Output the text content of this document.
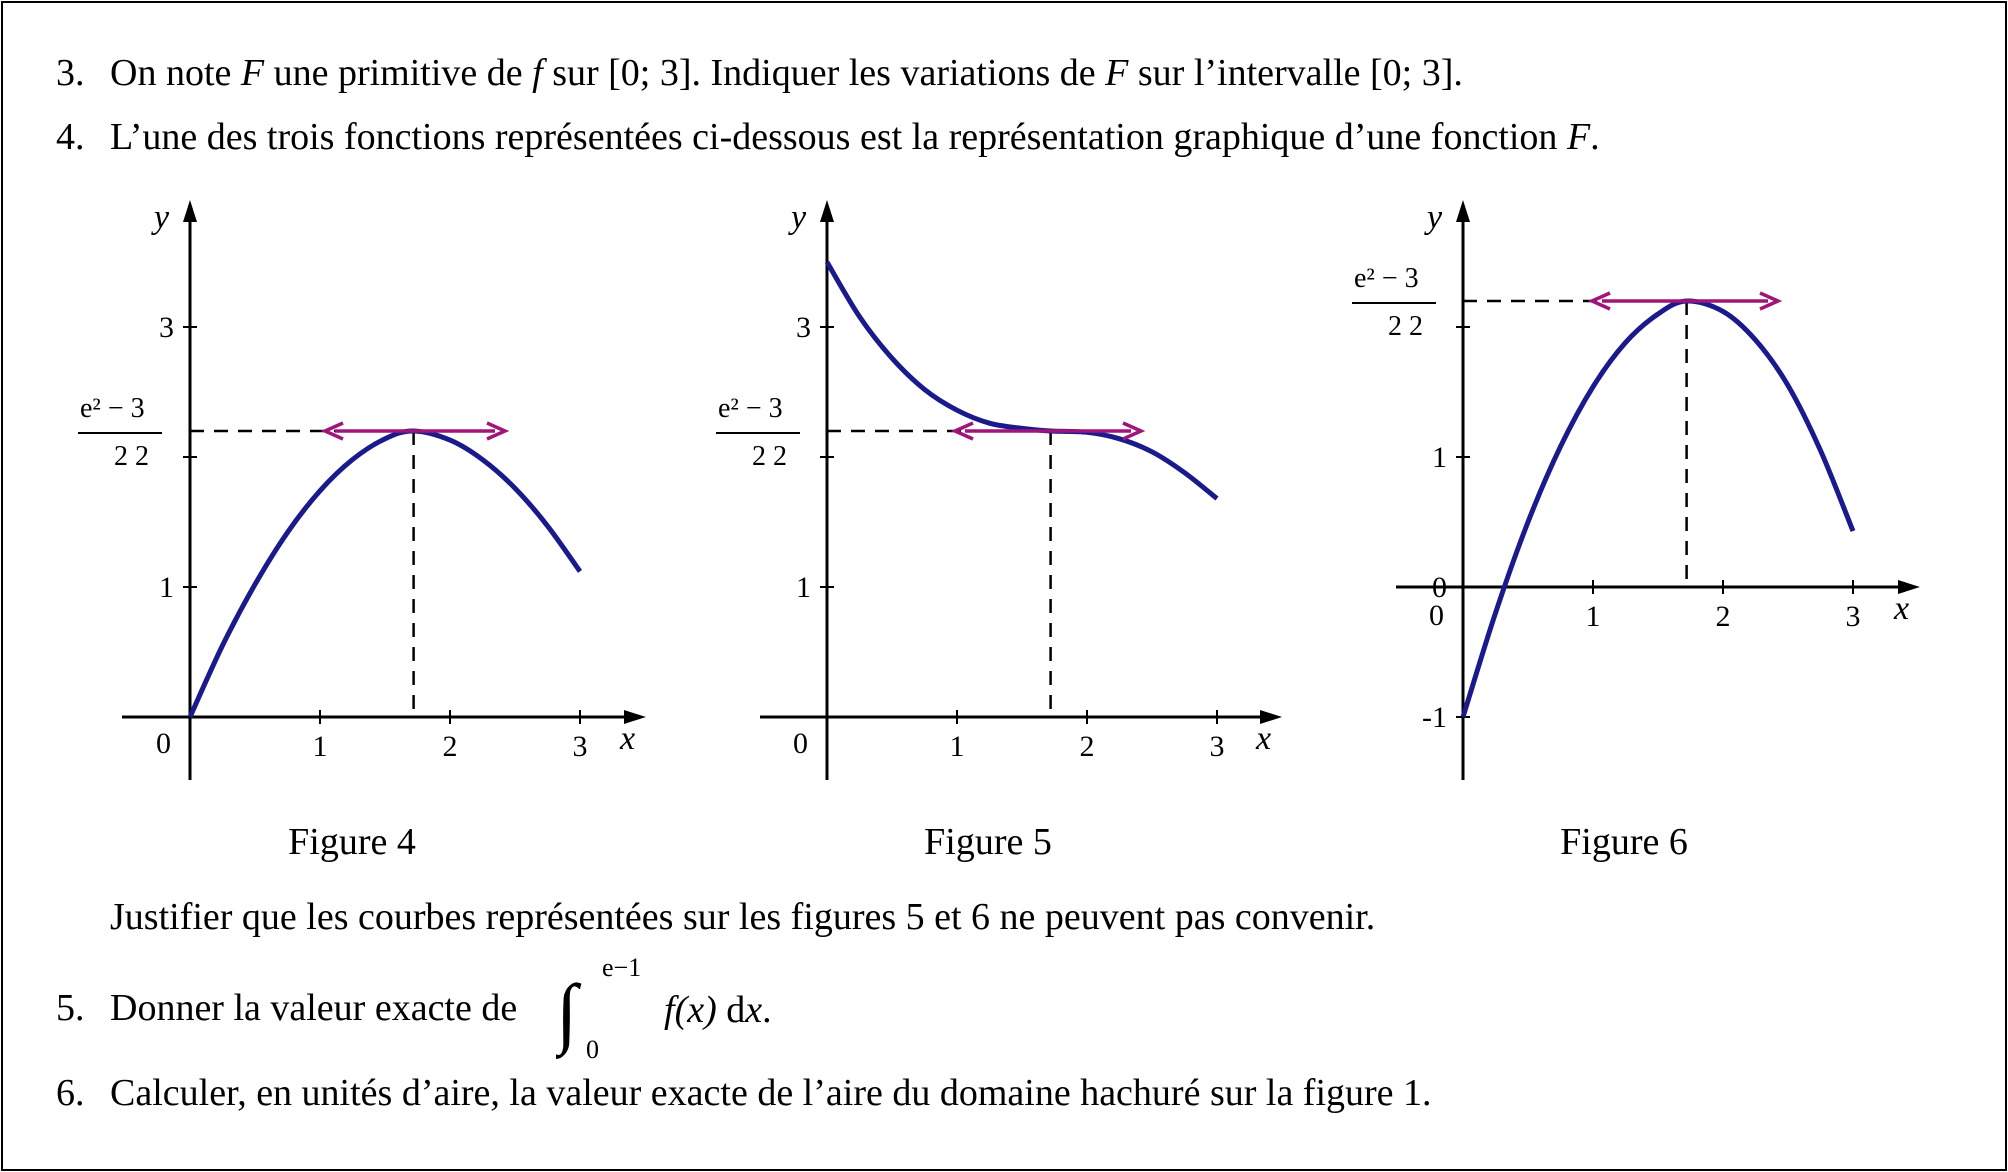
3. On note F une primitive de f sur [0; 3]. Indiquer les variations de F sur l’intervalle [0; 3].
4. L’une des trois fonctions représentées ci-dessous est la représentation graphique d’une fonction F.
1	2	3
1
3
x
y
0
e² − 3
2 2
1	2	3
1
3
x
y
0
e² − 3
2 2
1	2	3
-1
0
1
x
y
0
e² − 3
2 2
Figure 4	Figure 5	Figure 6
Justifier que les courbes représentées sur les figures 5 et 6 ne peuvent pas convenir.
5. Donner la valeur exacte de ∫
e−1
0
f(x) dx.
6. Calculer, en unités d’aire, la valeur exacte de l’aire du domaine hachuré sur la figure 1.
